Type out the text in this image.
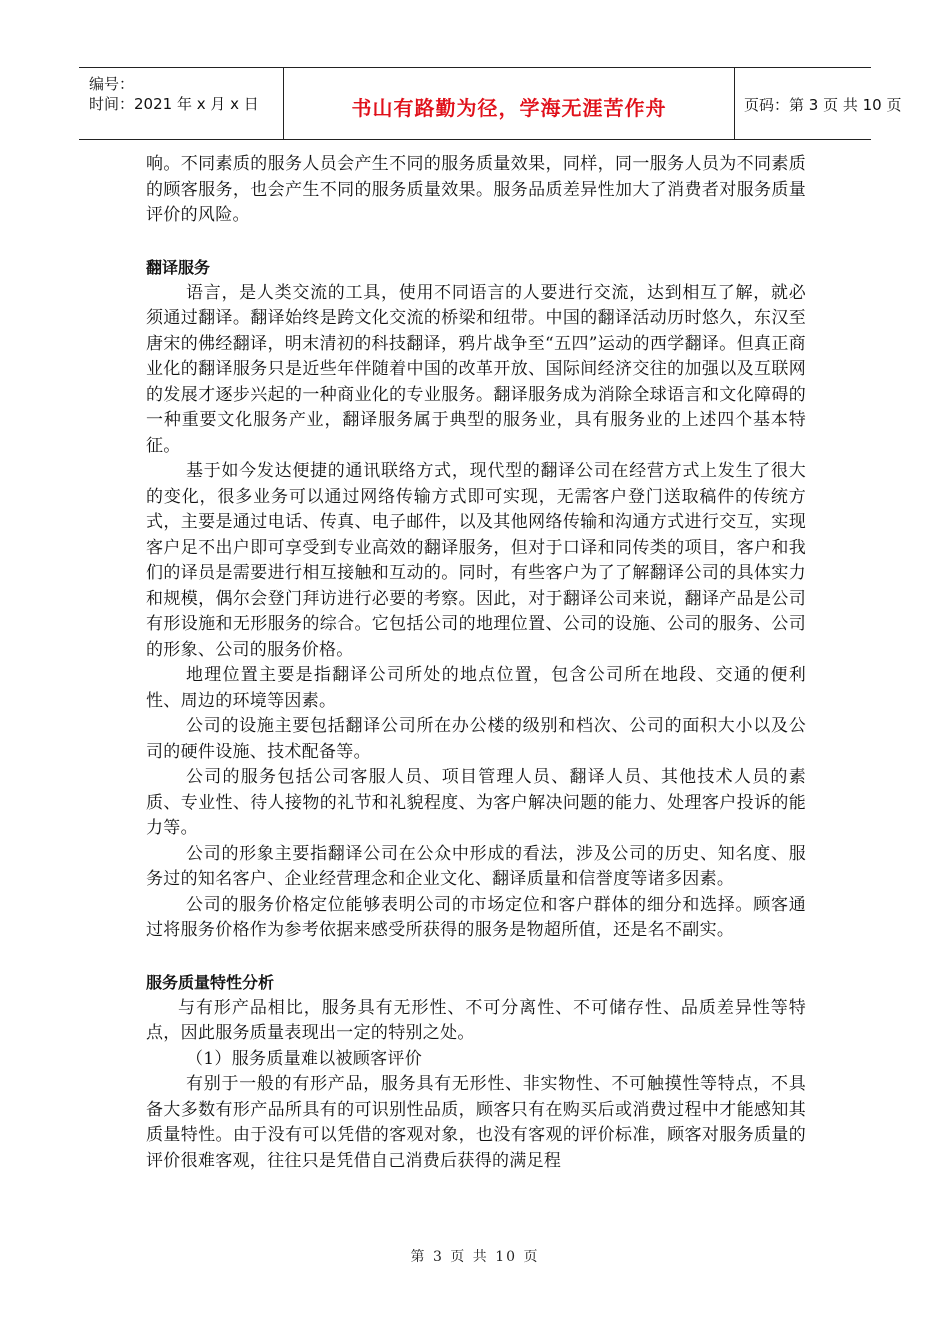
编号：
时间：2021 年 x 月 x 日	书山有路勤为径，学海无涯苦作舟	页码：第 3 页 共 10 页

响。不同素质的服务人员会产生不同的服务质量效果，同样，同一服务人员为不同素质的顾客服务，也会产生不同的服务质量效果。服务品质差异性加大了消费者对服务质量评价的风险。

翻译服务

语言，是人类交流的工具，使用不同语言的人要进行交流，达到相互了解，就必须通过翻译。翻译始终是跨文化交流的桥梁和纽带。中国的翻译活动历时悠久，东汉至唐宋的佛经翻译，明末清初的科技翻译，鸦片战争至“五四”运动的西学翻译。但真正商业化的翻译服务只是近些年伴随着中国的改革开放、国际间经济交往的加强以及互联网的发展才逐步兴起的一种商业化的专业服务。翻译服务成为消除全球语言和文化障碍的一种重要文化服务产业，翻译服务属于典型的服务业，具有服务业的上述四个基本特征。

基于如今发达便捷的通讯联络方式，现代型的翻译公司在经营方式上发生了很大的变化，很多业务可以通过网络传输方式即可实现，无需客户登门送取稿件的传统方式，主要是通过电话、传真、电子邮件，以及其他网络传输和沟通方式进行交互，实现客户足不出户即可享受到专业高效的翻译服务，但对于口译和同传类的项目，客户和我们的译员是需要进行相互接触和互动的。同时，有些客户为了了解翻译公司的具体实力和规模，偶尔会登门拜访进行必要的考察。因此，对于翻译公司来说，翻译产品是公司有形设施和无形服务的综合。它包括公司的地理位置、公司的设施、公司的服务、公司的形象、公司的服务价格。

地理位置主要是指翻译公司所处的地点位置，包含公司所在地段、交通的便利性、周边的环境等因素。

公司的设施主要包括翻译公司所在办公楼的级别和档次、公司的面积大小以及公司的硬件设施、技术配备等。

公司的服务包括公司客服人员、项目管理人员、翻译人员、其他技术人员的素质、专业性、待人接物的礼节和礼貌程度、为客户解决问题的能力、处理客户投诉的能力等。

公司的形象主要指翻译公司在公众中形成的看法，涉及公司的历史、知名度、服务过的知名客户、企业经营理念和企业文化、翻译质量和信誉度等诸多因素。

公司的服务价格定位能够表明公司的市场定位和客户群体的细分和选择。顾客通过将服务价格作为参考依据来感受所获得的服务是物超所值，还是名不副实。

服务质量特性分析

与有形产品相比，服务具有无形性、不可分离性、不可储存性、品质差异性等特点，因此服务质量表现出一定的特别之处。

（1）服务质量难以被顾客评价

有别于一般的有形产品，服务具有无形性、非实物性、不可触摸性等特点，不具备大多数有形产品所具有的可识别性品质，顾客只有在购买后或消费过程中才能感知其质量特性。由于没有可以凭借的客观对象，也没有客观的评价标准，顾客对服务质量的评价很难客观，往往只是凭借自己消费后获得的满足程

第 3 页 共 10 页
